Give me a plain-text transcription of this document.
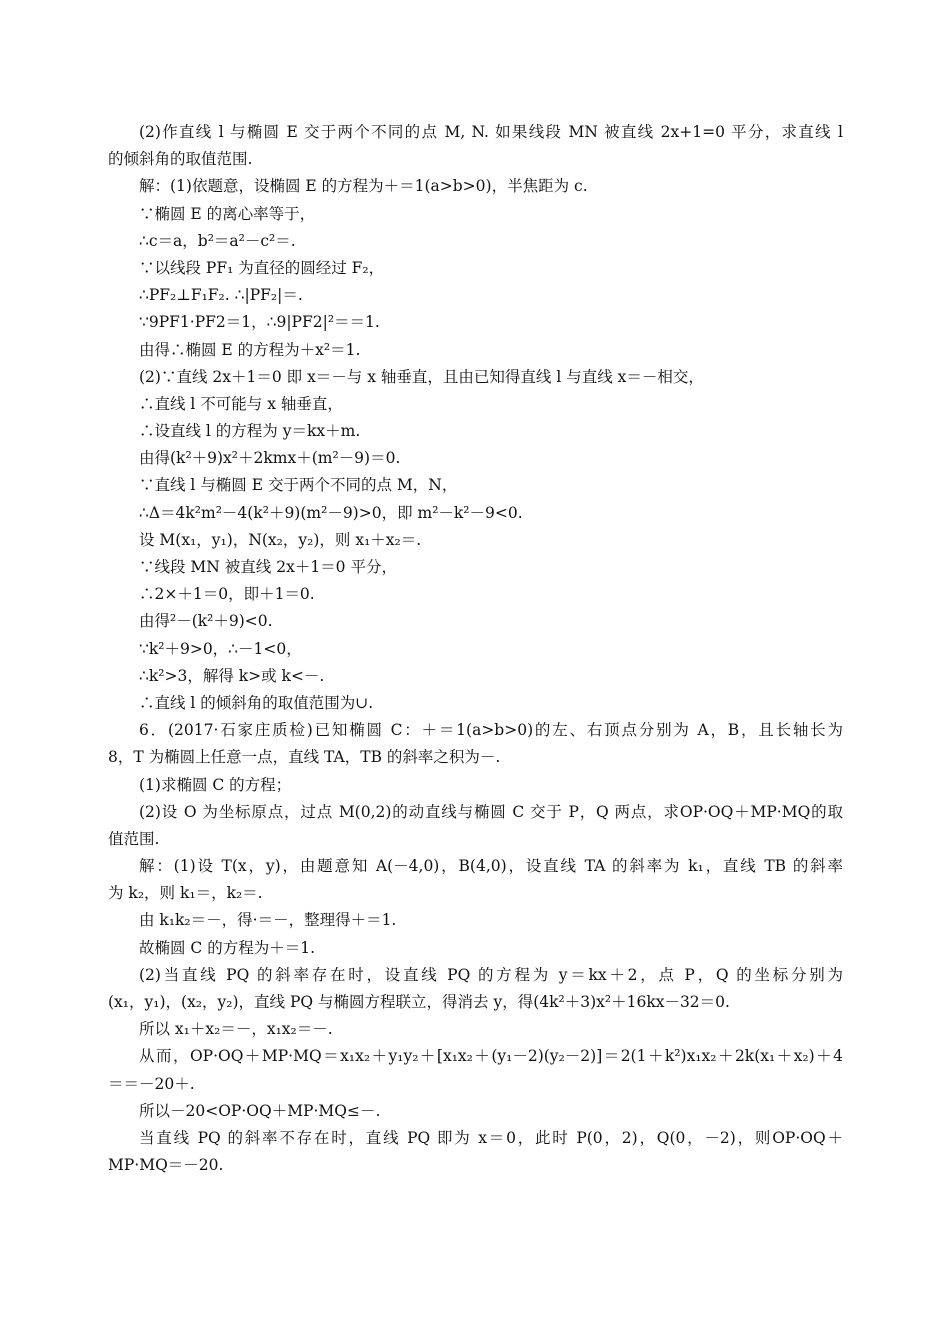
(2)作直线 l 与椭圆 E 交于两个不同的点 M, N. 如果线段 MN 被直线 2x+1=0 平分，求直线 l
的倾斜角的取值范围.
解：(1)依题意，设椭圆 E 的方程为＋＝1(a>b>0)，半焦距为 c.
∵椭圆 E 的离心率等于，
∴c＝a，b²＝a²－c²＝.
∵以线段 PF₁ 为直径的圆经过 F₂，
∴PF₂⊥F₁F₂. ∴|PF₂|＝.
∵9PF1·PF2＝1，∴9|PF2|²＝＝1.
由得∴椭圆 E 的方程为＋x²＝1.
(2)∵直线 2x＋1＝0 即 x＝－与 x 轴垂直，且由已知得直线 l 与直线 x＝－相交，
∴直线 l 不可能与 x 轴垂直，
∴设直线 l 的方程为 y＝kx＋m.
由得(k²＋9)x²＋2kmx＋(m²－9)＝0.
∵直线 l 与椭圆 E 交于两个不同的点 M，N，
∴Δ＝4k²m²－4(k²＋9)(m²－9)>0，即 m²－k²－9<0.
设 M(x₁，y₁)，N(x₂，y₂)，则 x₁＋x₂＝.
∵线段 MN 被直线 2x＋1＝0 平分，
∴2×＋1＝0，即＋1＝0.
由得²－(k²＋9)<0.
∵k²＋9>0，∴－1<0，
∴k²>3，解得 k>或 k<－.
∴直线 l 的倾斜角的取值范围为∪.
6．(2017·石家庄质检)已知椭圆 C：＋＝1(a>b>0)的左、右顶点分别为 A，B，且长轴长为
8，T 为椭圆上任意一点，直线 TA，TB 的斜率之积为－.
(1)求椭圆 C 的方程；
(2)设 O 为坐标原点，过点 M(0,2)的动直线与椭圆 C 交于 P，Q 两点，求OP·OQ＋MP·MQ的取
值范围.
解：(1)设 T(x，y)，由题意知 A(－4,0)，B(4,0)，设直线 TA 的斜率为 k₁，直线 TB 的斜率
为 k₂，则 k₁＝，k₂＝.
由 k₁k₂＝－，得·＝－，整理得＋＝1.
故椭圆 C 的方程为＋＝1.
(2)当直线 PQ 的斜率存在时，设直线 PQ 的方程为 y＝kx＋2，点 P，Q 的坐标分别为
(x₁，y₁)，(x₂，y₂)，直线 PQ 与椭圆方程联立，得消去 y，得(4k²＋3)x²＋16kx－32＝0.
所以 x₁＋x₂＝－，x₁x₂＝－.
从而，OP·OQ＋MP·MQ＝x₁x₂＋y₁y₂＋[x₁x₂＋(y₁－2)(y₂－2)]＝2(1＋k²)x₁x₂＋2k(x₁＋x₂)＋4
＝＝－20＋.
所以－20<OP·OQ＋MP·MQ≤－.
当直线 PQ 的斜率不存在时，直线 PQ 即为 x＝0，此时 P(0，2)，Q(0，－2)，则OP·OQ＋
MP·MQ＝－20.
